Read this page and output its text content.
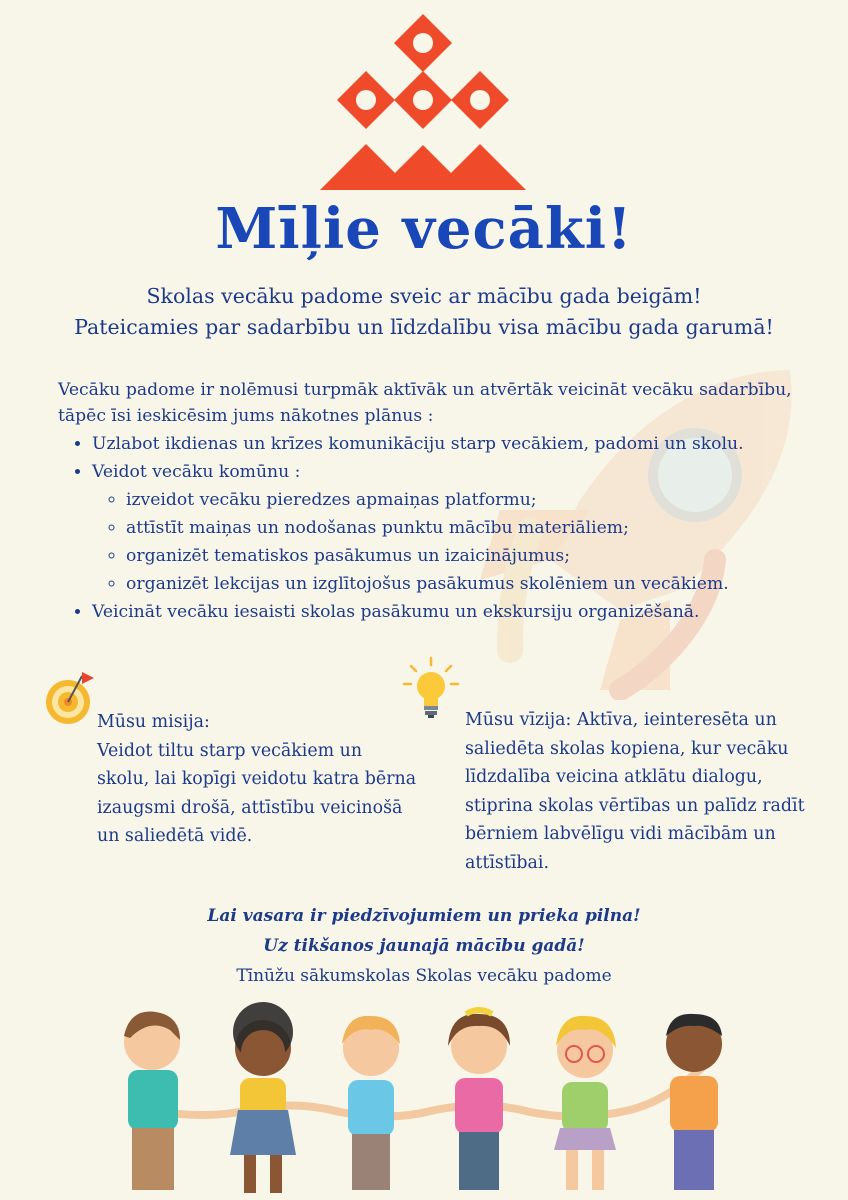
Mīļie vecāki!
Skolas vecāku padome sveic ar mācību gada beigām!
Pateicamies par sadarbību un līdzdalību visa mācību gada garumā!
Vecāku padome ir nolēmusi turpmāk aktīvāk un atvērtāk veicināt vecāku sadarbību, tāpēc īsi ieskicēsim jums nākotnes plānus :
• Uzlabot ikdienas un krīzes komunikāciju starp vecākiem, padomi un skolu.
• Veidot vecāku komūnu :
◦ izveidot vecāku pieredzes apmaiņas platformu;
◦ attīstīt maiņas un nodošanas punktu mācību materiāliem;
◦ organizēt tematiskos pasākumus un izaicinājumus;
◦ organizēt lekcijas un izglītojošus pasākumus skolēniem un vecākiem.
• Veicināt vecāku iesaisti skolas pasākumu un ekskursiju organizēšanā.
Mūsu misija:
Veidot tiltu starp vecākiem un skolu, lai kopīgi veidotu katra bērna izaugsmi drošā, attīstību veicinošā un saliedētā vidē.
Mūsu vīzija: Aktīva, ieinteresēta un saliedēta skolas kopiena, kur vecāku līdzdalība veicina atklātu dialogu, stiprina skolas vērtības un palīdz radīt bērniem labvēlīgu vidi mācībām un attīstībai.
Lai vasara ir piedzīvojumiem un prieka pilna!
Uz tikšanos jaunajā mācību gadā!
Tīnūžu sākumskolas Skolas vecāku padome
